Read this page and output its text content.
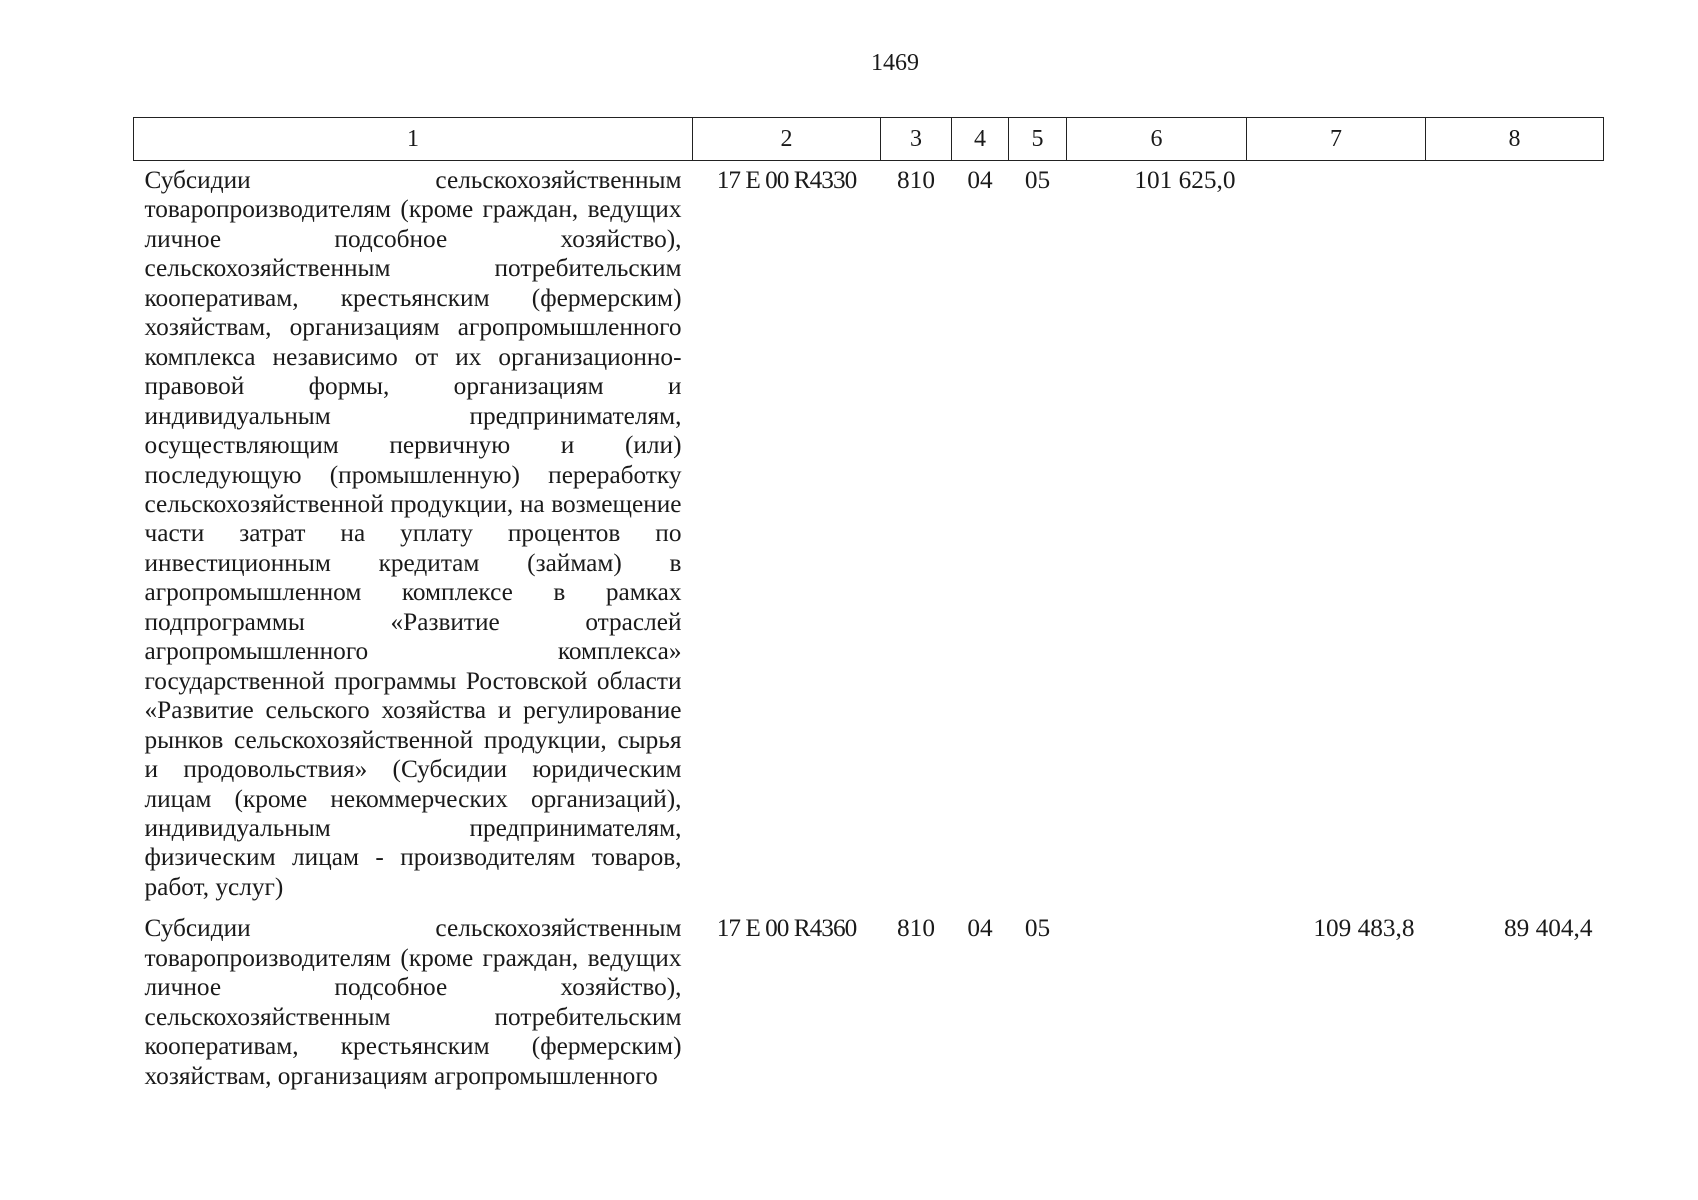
1469
1	2	3	4	5	6	7	8
Субсидии сельскохозяйственным товаропроизводителям (кроме граждан, ведущих личное подсобное хозяйство), сельскохозяйственным потребительским кооперативам, крестьянским (фермерским) хозяйствам, организациям агропромышленного комплекса независимо от их организационно-правовой формы, организациям и индивидуальным предпринимателям, осуществляющим первичную и (или) последующую (промышленную) переработку сельскохозяйственной продукции, на возмещение части затрат на уплату процентов по инвестиционным кредитам (займам) в агропромышленном комплексе в рамках подпрограммы «Развитие отраслей агропромышленного комплекса» государственной программы Ростовской области «Развитие сельского хозяйства и регулирование рынков сельскохозяйственной продукции, сырья и продовольствия» (Субсидии юридическим лицам (кроме некоммерческих организаций), индивидуальным предпринимателям, физическим лицам - производителям товаров, работ, услуг)	17 Е 00 R4330	810	04	05	101 625,0		
Субсидии сельскохозяйственным товаропроизводителям (кроме граждан, ведущих личное подсобное хозяйство), сельскохозяйственным потребительским кооперативам, крестьянским (фермерским) хозяйствам, организациям агропромышленного	17 Е 00 R4360	810	04	05		109 483,8	89 404,4
